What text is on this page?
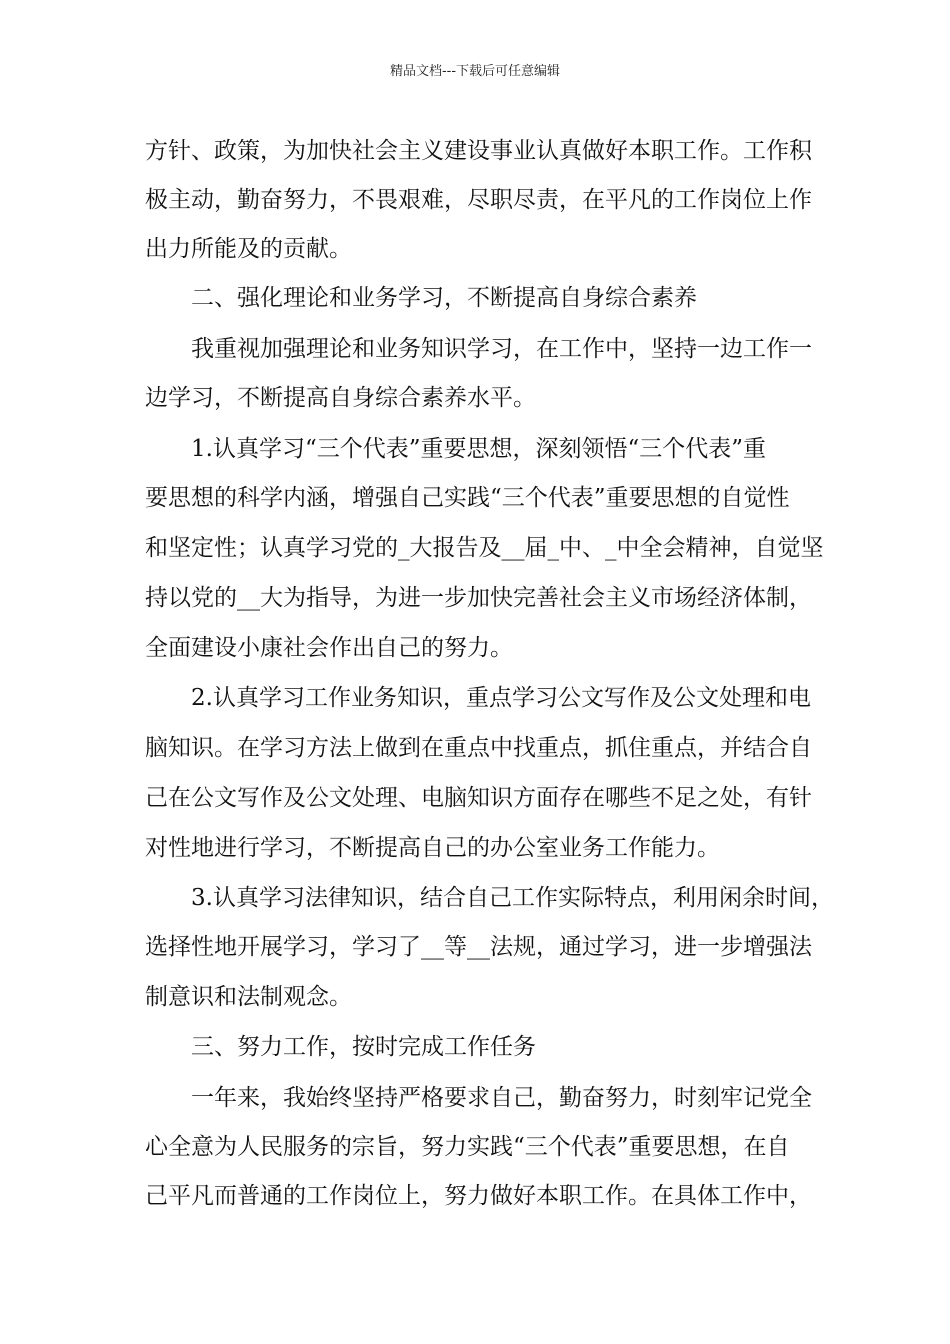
精品文档---下载后可任意编辑
方针、政策，为加快社会主义建设事业认真做好本职工作。工作积
极主动，勤奋努力，不畏艰难，尽职尽责，在平凡的工作岗位上作
出力所能及的贡献。
二、强化理论和业务学习，不断提高自身综合素养
我重视加强理论和业务知识学习，在工作中，坚持一边工作一
边学习，不断提高自身综合素养水平。
1.认真学习“三个代表”重要思想，深刻领悟“三个代表”重
要思想的科学内涵，增强自己实践“三个代表”重要思想的自觉性
和坚定性；认真学习党的_大报告及__届_中、_中全会精神，自觉坚
持以党的__大为指导，为进一步加快完善社会主义市场经济体制，
全面建设小康社会作出自己的努力。
2.认真学习工作业务知识，重点学习公文写作及公文处理和电
脑知识。在学习方法上做到在重点中找重点，抓住重点，并结合自
己在公文写作及公文处理、电脑知识方面存在哪些不足之处，有针
对性地进行学习，不断提高自己的办公室业务工作能力。
3.认真学习法律知识，结合自己工作实际特点，利用闲余时间，
选择性地开展学习，学习了__等__法规，通过学习，进一步增强法
制意识和法制观念。
三、努力工作，按时完成工作任务
一年来，我始终坚持严格要求自己，勤奋努力，时刻牢记党全
心全意为人民服务的宗旨，努力实践“三个代表”重要思想，在自
己平凡而普通的工作岗位上，努力做好本职工作。在具体工作中，
